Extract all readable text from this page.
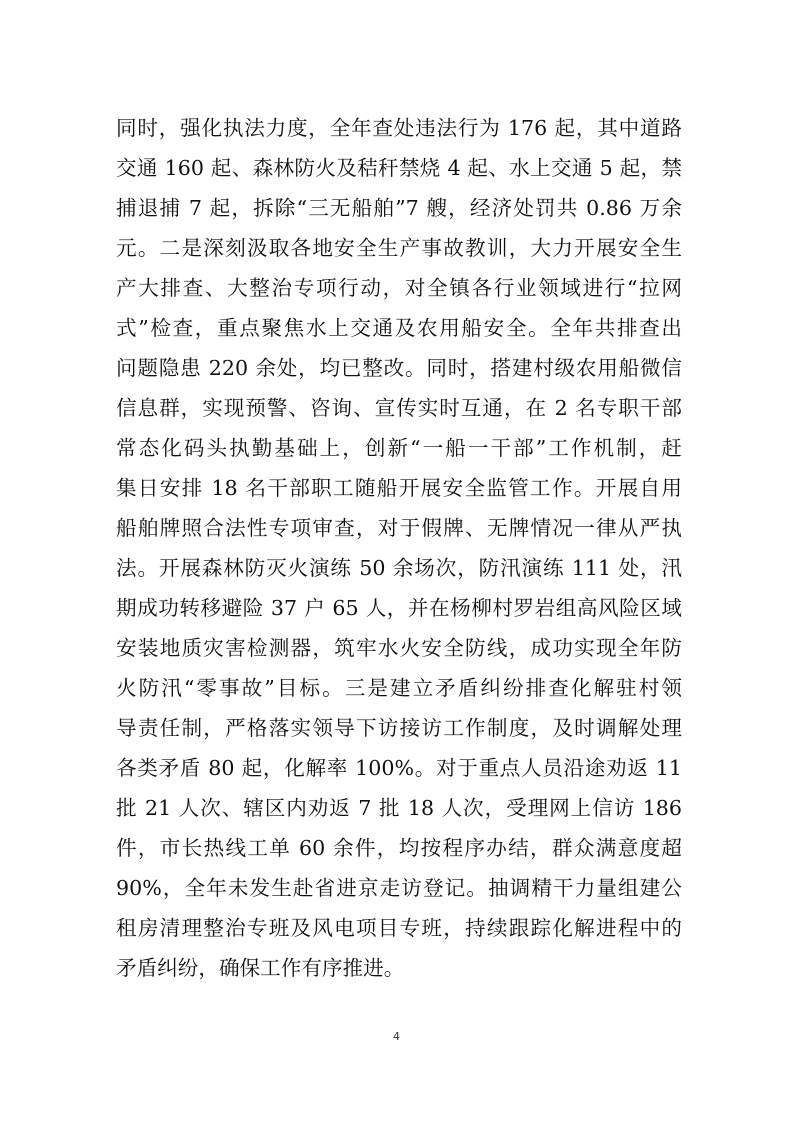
同时，强化执法力度，全年查处违法行为 176 起，其中道路
交通 160 起、森林防火及秸秆禁烧 4 起、水上交通 5 起，禁
捕退捕 7 起，拆除“三无船舶”7 艘，经济处罚共 0.86 万余
元。二是深刻汲取各地安全生产事故教训，大力开展安全生
产大排查、大整治专项行动，对全镇各行业领域进行“拉网
式”检查，重点聚焦水上交通及农用船安全。全年共排查出
问题隐患 220 余处，均已整改。同时，搭建村级农用船微信
信息群，实现预警、咨询、宣传实时互通，在 2 名专职干部
常态化码头执勤基础上，创新“一船一干部”工作机制，赶
集日安排 18 名干部职工随船开展安全监管工作。开展自用
船舶牌照合法性专项审查，对于假牌、无牌情况一律从严执
法。开展森林防灭火演练 50 余场次，防汛演练 111 处，汛
期成功转移避险 37 户 65 人，并在杨柳村罗岩组高风险区域
安装地质灾害检测器，筑牢水火安全防线，成功实现全年防
火防汛“零事故”目标。三是建立矛盾纠纷排查化解驻村领
导责任制，严格落实领导下访接访工作制度，及时调解处理
各类矛盾 80 起，化解率 100%。对于重点人员沿途劝返 11
批 21 人次、辖区内劝返 7 批 18 人次，受理网上信访 186
件，市长热线工单 60 余件，均按程序办结，群众满意度超
90%，全年未发生赴省进京走访登记。抽调精干力量组建公
租房清理整治专班及风电项目专班，持续跟踪化解进程中的
矛盾纠纷，确保工作有序推进。
4
